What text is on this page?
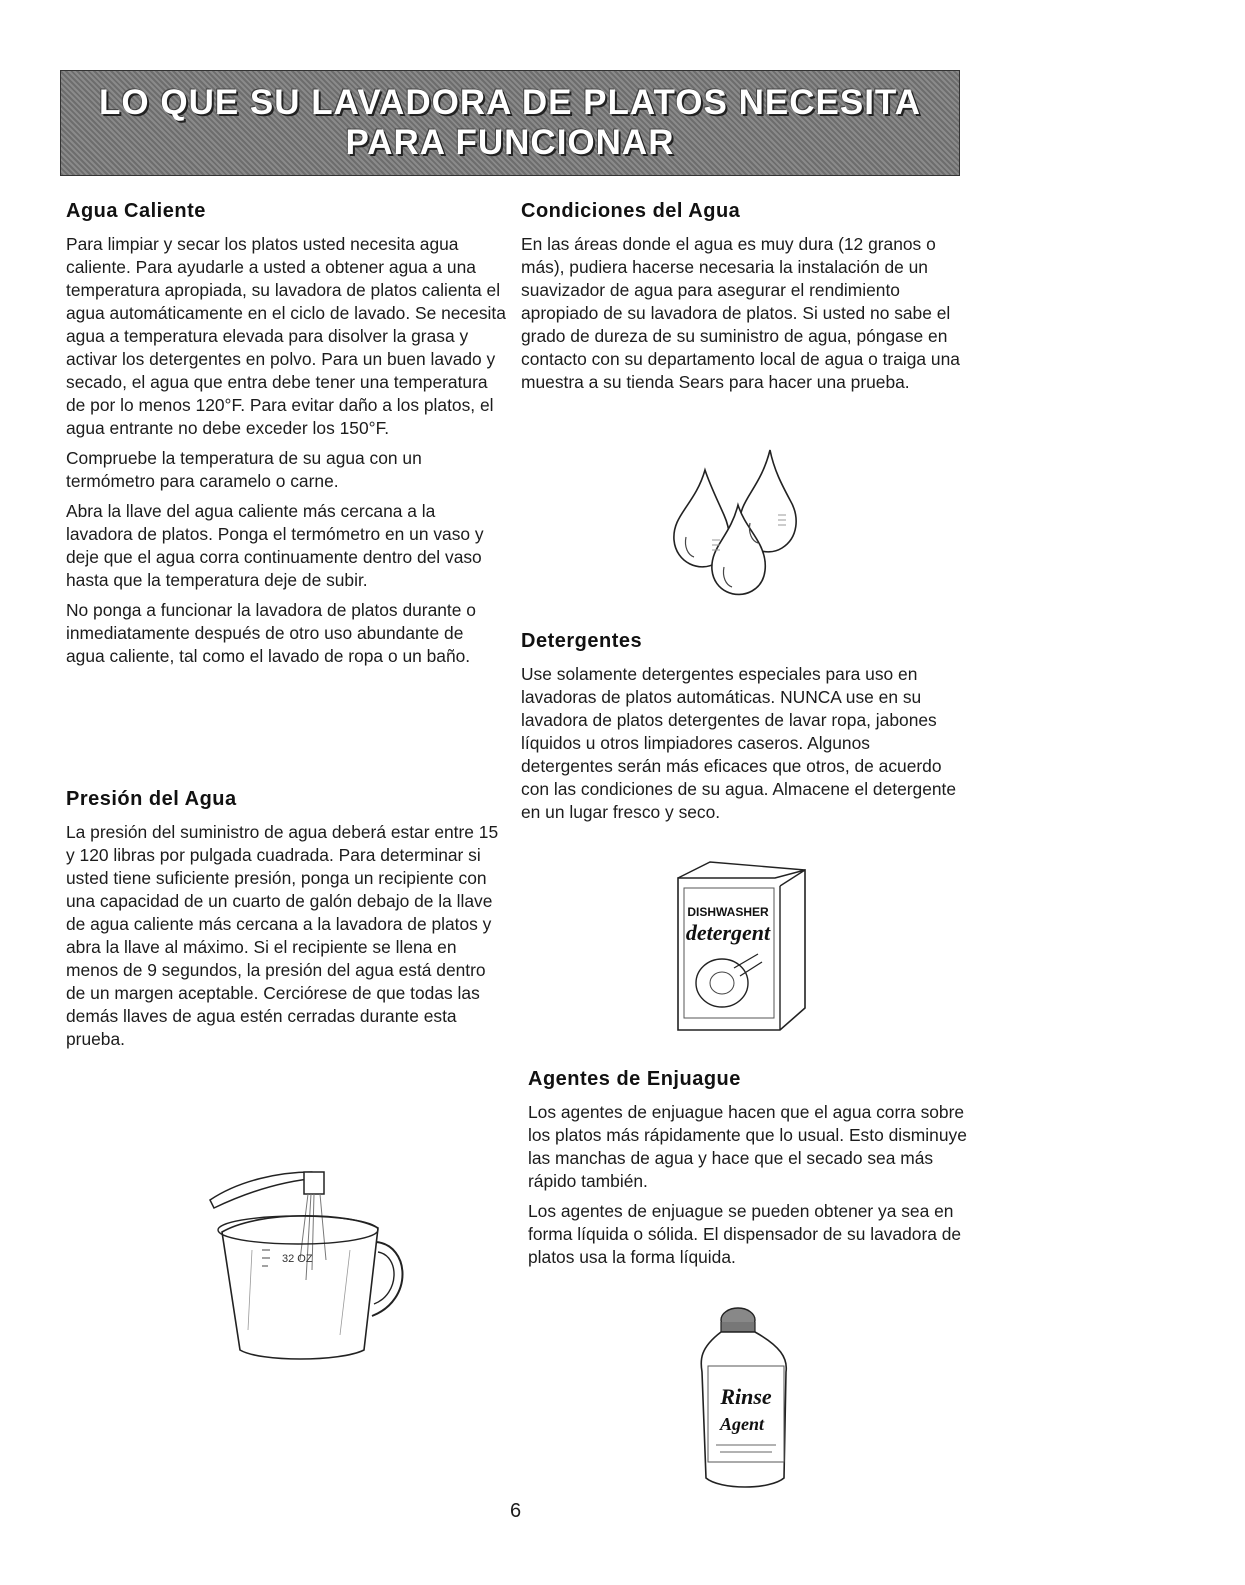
LO QUE SU LAVADORA DE PLATOS NECESITA
PARA FUNCIONAR
Agua Caliente

Para limpiar y secar los platos usted necesita agua caliente. Para ayudarle a usted a obtener agua a una temperatura apropiada, su lavadora de platos calienta el agua automáticamente en el ciclo de lavado. Se necesita agua a temperatura elevada para disolver la grasa y activar los detergentes en polvo. Para un buen lavado y secado, el agua que entra debe tener una temperatura de por lo menos 120°F. Para evitar daño a los platos, el agua entrante no debe exceder los 150°F.

Compruebe la temperatura de su agua con un termómetro para caramelo o carne.

Abra la llave del agua caliente más cercana a la lavadora de platos. Ponga el termómetro en un vaso y deje que el agua corra continuamente dentro del vaso hasta que la temperatura deje de subir.

No ponga a funcionar la lavadora de platos durante o inmediatamente después de otro uso abundante de agua caliente, tal como el lavado de ropa o un baño.

Presión del Agua

La presión del suministro de agua deberá estar entre 15 y 120 libras por pulgada cuadrada. Para determinar si usted tiene suficiente presión, ponga un recipiente con una capacidad de un cuarto de galón debajo de la llave de agua caliente más cercana a la lavadora de platos y abra la llave al máximo. Si el recipiente se llena en menos de 9 segundos, la presión del agua está dentro de un margen aceptable. Cerciórese de que todas las demás llaves de agua estén cerradas durante esta prueba.

Condiciones del Agua

En las áreas donde el agua es muy dura (12 granos o más), pudiera hacerse necesaria la instalación de un suavizador de agua para asegurar el rendimiento apropiado de su lavadora de platos. Si usted no sabe el grado de dureza de su suministro de agua, póngase en contacto con su departamento local de agua o traiga una muestra a su tienda Sears para hacer una prueba.

Detergentes

Use solamente detergentes especiales para uso en lavadoras de platos automáticas. NUNCA use en su lavadora de platos detergentes de lavar ropa, jabones líquidos u otros limpiadores caseros. Algunos detergentes serán más eficaces que otros, de acuerdo con las condiciones de su agua. Almacene el detergente en un lugar fresco y seco.

Agentes de Enjuague

Los agentes de enjuague hacen que el agua corra sobre los platos más rápidamente que lo usual. Esto disminuye las manchas de agua y hace que el secado sea más rápido también.

Los agentes de enjuague se pueden obtener ya sea en forma líquida o sólida. El dispensador de su lavadora de platos usa la forma líquida.

DISHWASHER
detergent
32 OZ
Rinse
Agent
6
